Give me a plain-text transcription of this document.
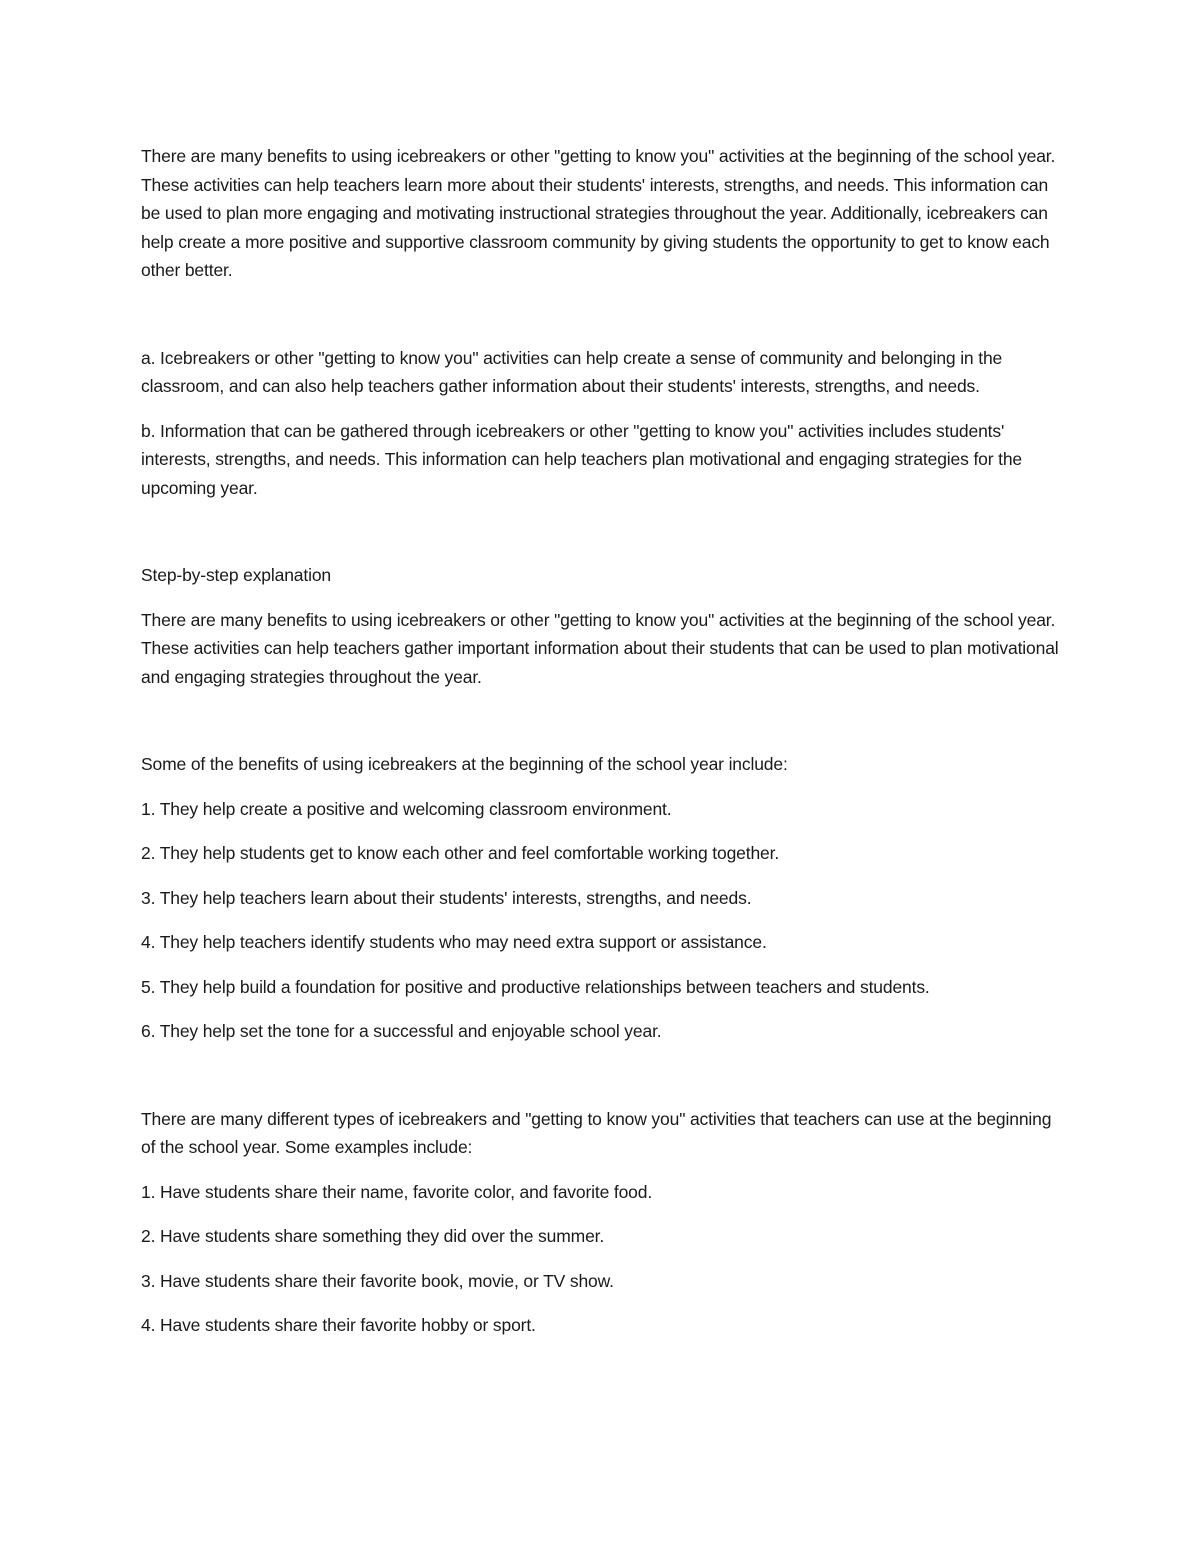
There are many benefits to using icebreakers or other "getting to know you" activities at the beginning of the school year. These activities can help teachers learn more about their students' interests, strengths, and needs. This information can be used to plan more engaging and motivating instructional strategies throughout the year. Additionally, icebreakers can help create a more positive and supportive classroom community by giving students the opportunity to get to know each other better.

a. Icebreakers or other "getting to know you" activities can help create a sense of community and belonging in the classroom, and can also help teachers gather information about their students' interests, strengths, and needs.

b. Information that can be gathered through icebreakers or other "getting to know you" activities includes students' interests, strengths, and needs. This information can help teachers plan motivational and engaging strategies for the upcoming year.

Step-by-step explanation

There are many benefits to using icebreakers or other "getting to know you" activities at the beginning of the school year. These activities can help teachers gather important information about their students that can be used to plan motivational and engaging strategies throughout the year.

Some of the benefits of using icebreakers at the beginning of the school year include:

1. They help create a positive and welcoming classroom environment.

2. They help students get to know each other and feel comfortable working together.

3. They help teachers learn about their students' interests, strengths, and needs.

4. They help teachers identify students who may need extra support or assistance.

5. They help build a foundation for positive and productive relationships between teachers and students.

6. They help set the tone for a successful and enjoyable school year.

There are many different types of icebreakers and "getting to know you" activities that teachers can use at the beginning of the school year. Some examples include:

1. Have students share their name, favorite color, and favorite food.

2. Have students share something they did over the summer.

3. Have students share their favorite book, movie, or TV show.

4. Have students share their favorite hobby or sport.
